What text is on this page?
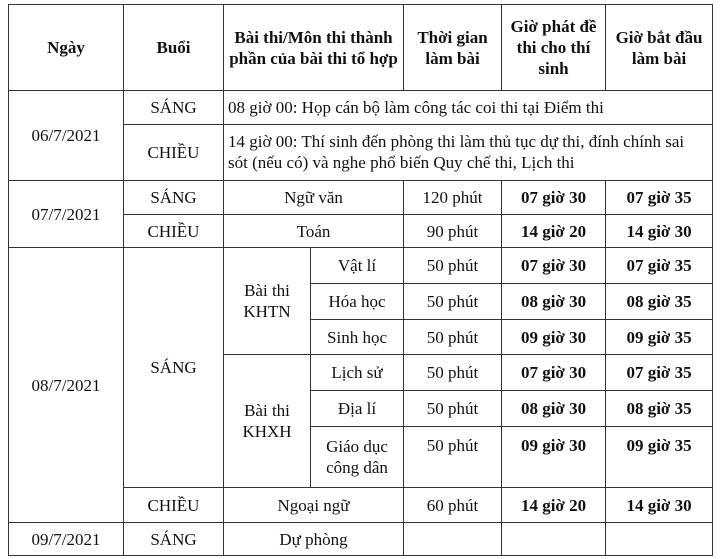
Ngày	Buổi	Bài thi/Môn thi thành phần của bài thi tổ hợp		Thời gian làm bài	Giờ phát đề thi cho thí sinh	Giờ bắt đầu làm bài
06/7/2021	SÁNG	08 giờ 00: Họp cán bộ làm công tác coi thi tại Điểm thi				
	CHIỀU	14 giờ 00: Thí sinh đến phòng thi làm thủ tục dự thi, đính chính sai sót (nếu có) và nghe phổ biến Quy chế thi, Lịch thi				
07/7/2021	SÁNG	Ngữ văn		120 phút	07 giờ 30	07 giờ 35
	CHIỀU	Toán		90 phút	14 giờ 20	14 giờ 30
08/7/2021	SÁNG	Bài thi KHTN	Vật lí	50 phút	07 giờ 30	07 giờ 35
			Hóa học	50 phút	08 giờ 30	08 giờ 35
			Sinh học	50 phút	09 giờ 30	09 giờ 35
		Bài thi KHXH	Lịch sử	50 phút	07 giờ 30	07 giờ 35
			Địa lí	50 phút	08 giờ 30	08 giờ 35
			Giáo dục công dân	50 phút	09 giờ 30	09 giờ 35
	CHIỀU	Ngoại ngữ		60 phút	14 giờ 20	14 giờ 30
09/7/2021	SÁNG	Dự phòng				
